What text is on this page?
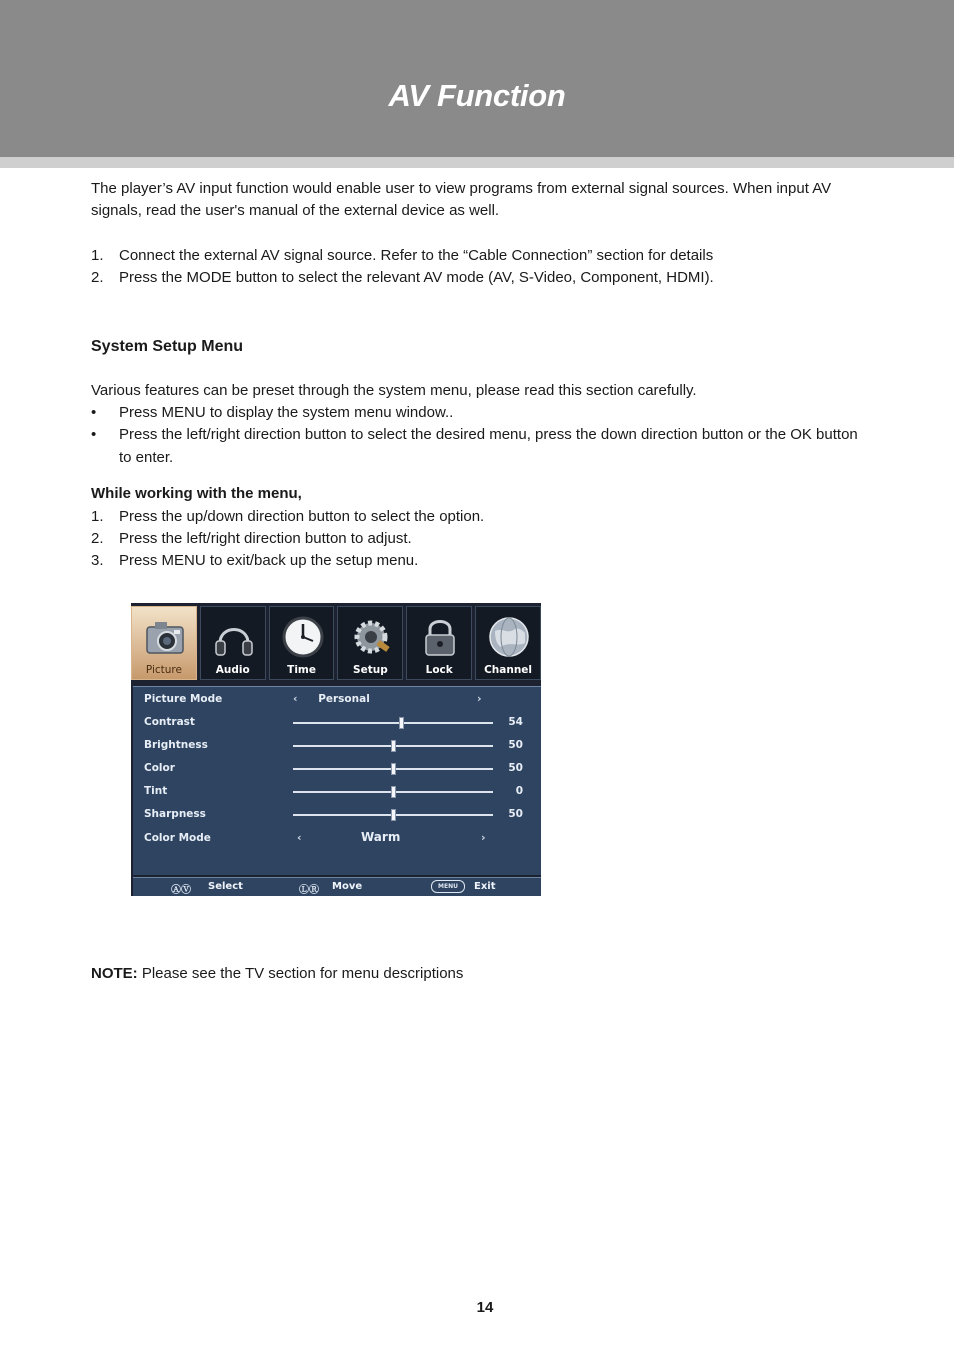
AV Function

The player’s AV input function would enable user to view programs from external signal sources. When input AV signals, read the user's manual of the external device as well.

1. Connect the external AV signal source. Refer to the “Cable Connection” section for details
2. Press the MODE button to select the relevant AV mode (AV, S-Video, Component, HDMI).
System Setup Menu

Various features can be preset through the system menu, please read this section carefully.

• Press MENU to display the system menu window..
• Press the left/right direction button to select the desired menu, press the down direction button or the OK button to enter.
While working with the menu,
1. Press the up/down direction button to select the option.
2. Press the left/right direction button to adjust.
3. Press MENU to exit/back up the setup menu.
Picture	Audio	Time	Setup	Lock	Channel
Picture Mode	‹	Personal	›
Contrast	54
Brightness	50
Color	50
Tint	0
Sharpness	50
Color Mode	‹	Warm	›
ⒶⓋ Select	ⓁⓇ Move	MENU	Exit
NOTE: Please see the TV section for menu descriptions
14
